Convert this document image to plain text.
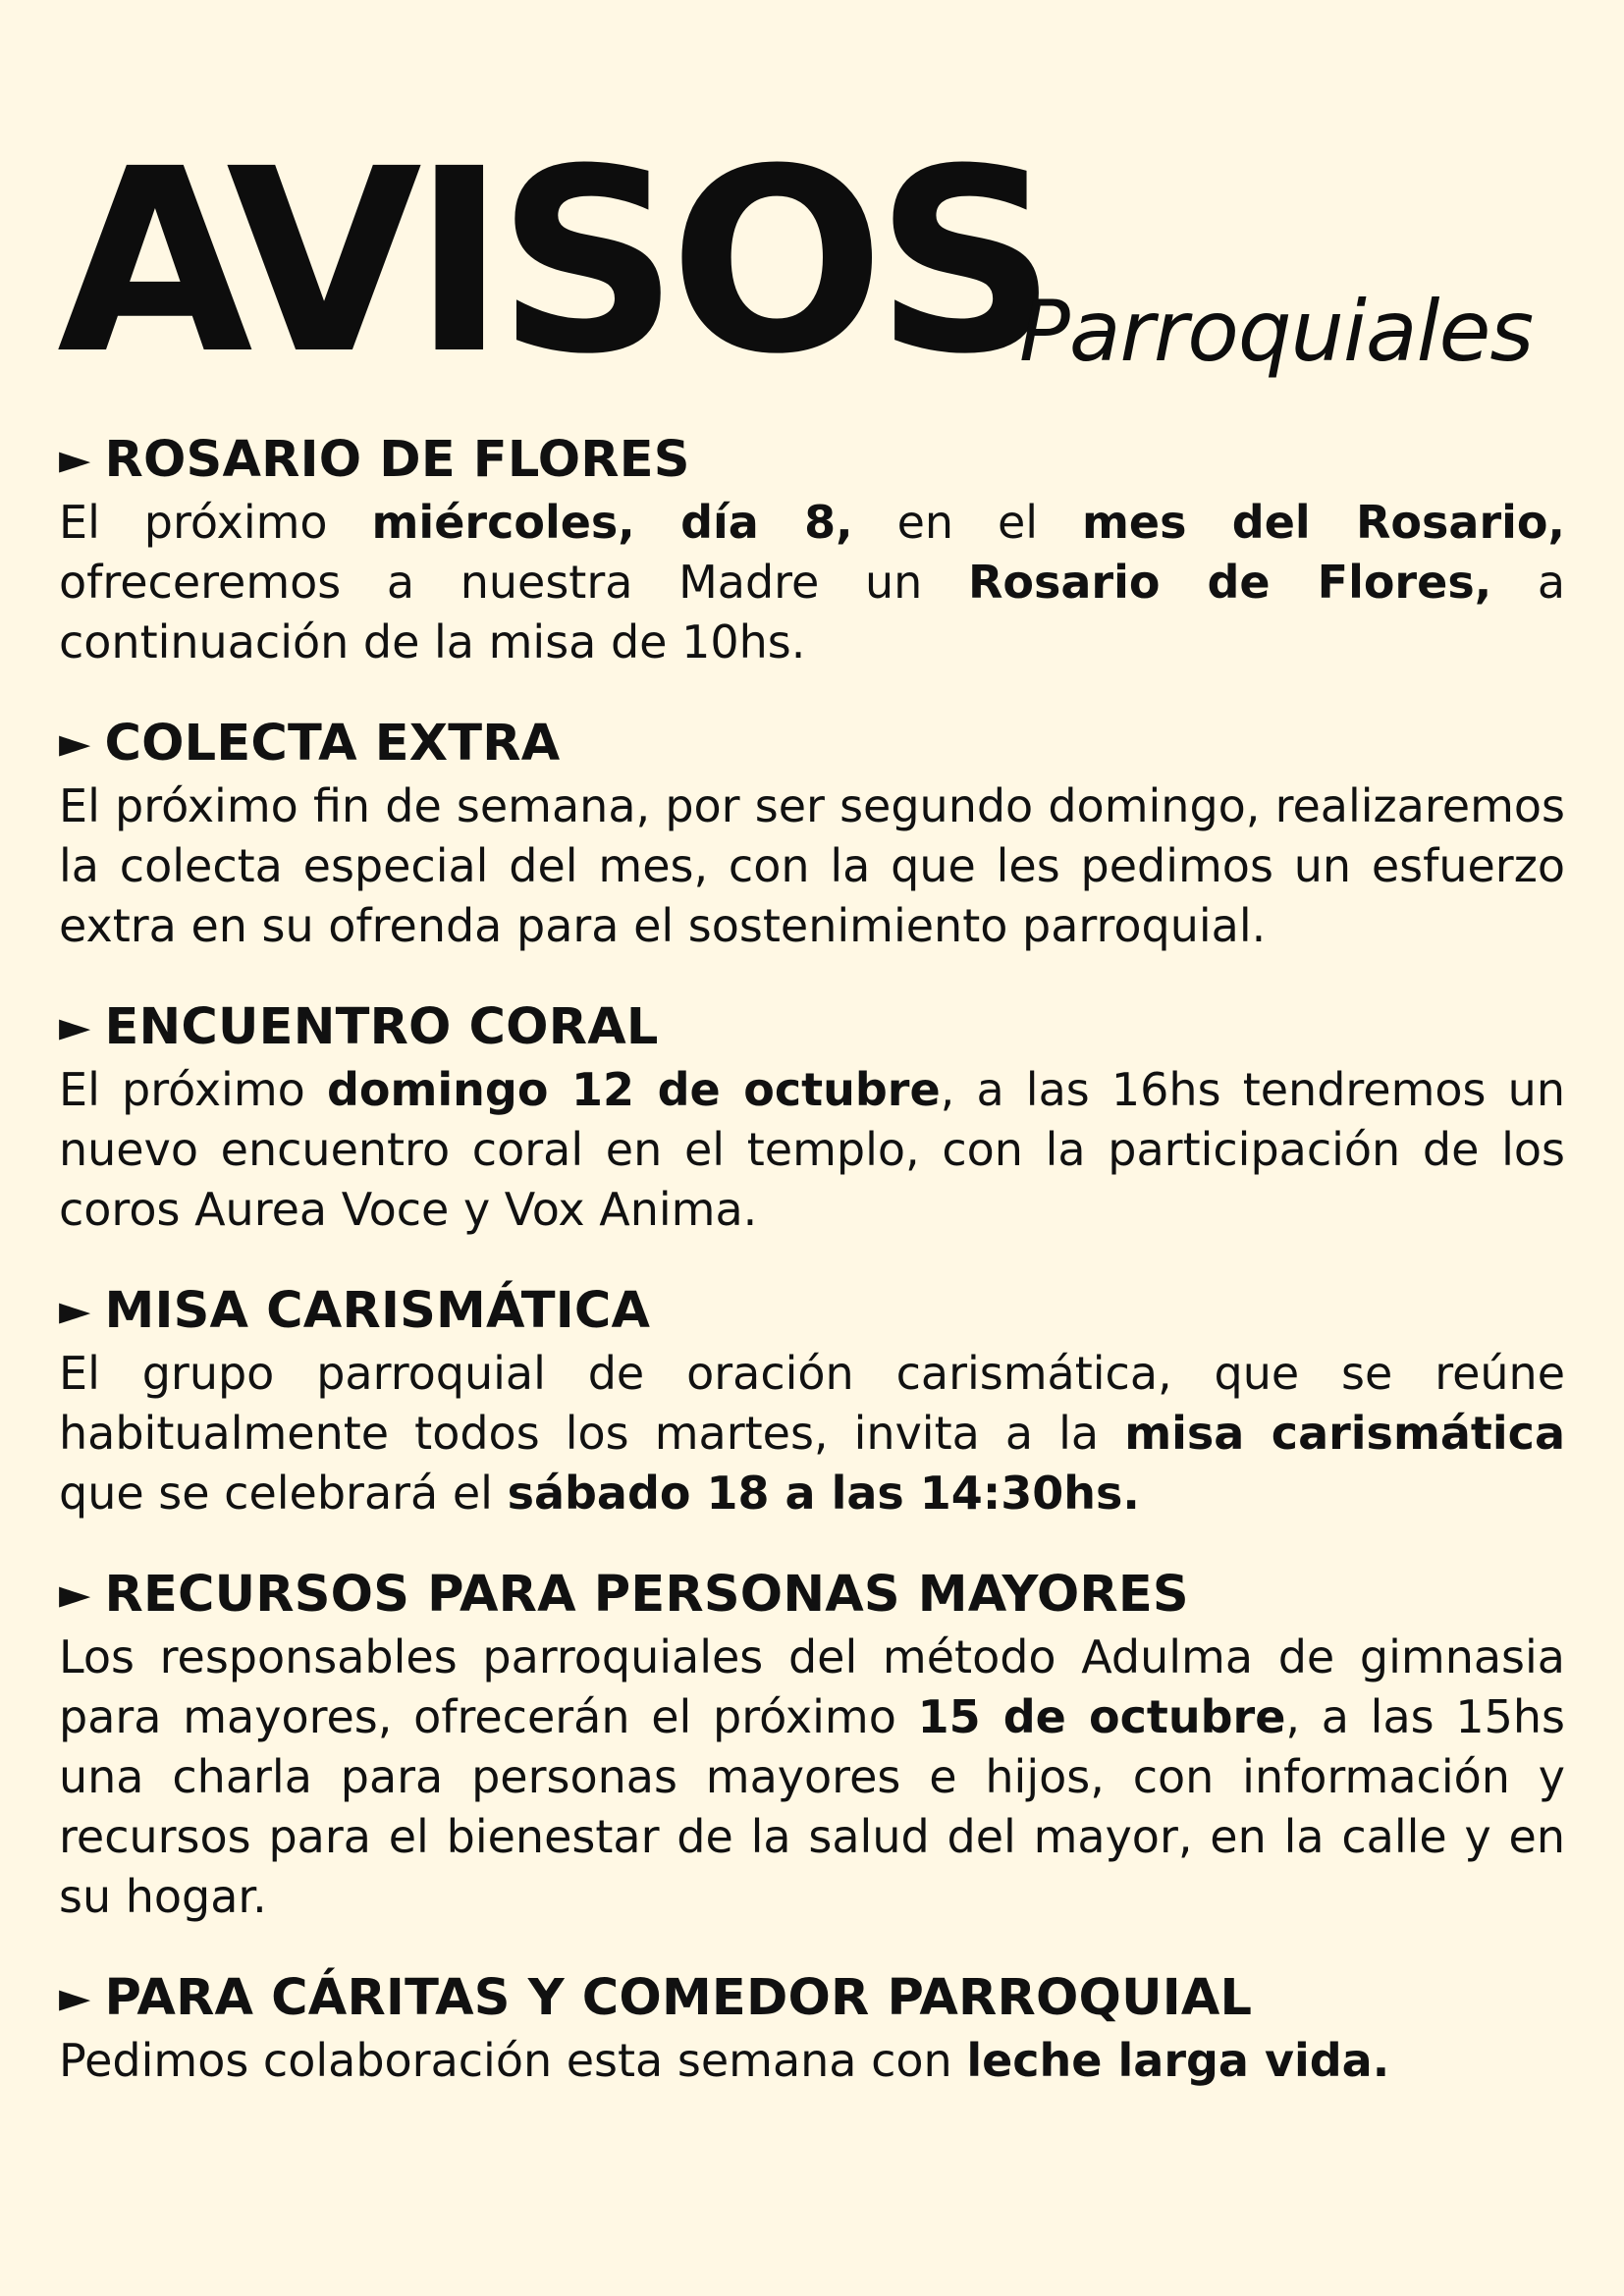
AVISOS
Parroquiales
► ROSARIO DE FLORES

El próximo miércoles, día 8, en el mes del Rosario, ofreceremos a nuestra Madre un Rosario de Flores, a continuación de la misa de 10hs.

► COLECTA EXTRA

El próximo fin de semana, por ser segundo domingo, realizaremos la colecta especial del mes, con la que les pedimos un esfuerzo extra en su ofrenda para el sostenimiento parroquial.

► ENCUENTRO CORAL

El próximo domingo 12 de octubre, a las 16hs tendremos un nuevo encuentro coral en el templo, con la participación de los coros Aurea Voce y Vox Anima.

► MISA CARISMÁTICA

El grupo parroquial de oración carismática, que se reúne habitualmente todos los martes, invita a la misa carismática que se celebrará el sábado 18 a las 14:30hs.

► RECURSOS PARA PERSONAS MAYORES

Los responsables parroquiales del método Adulma de gimnasia para mayores, ofrecerán el próximo 15 de octubre, a las 15hs una charla para personas mayores e hijos, con información y recursos para el bienestar de la salud del mayor, en la calle y en su hogar.

► PARA CÁRITAS Y COMEDOR PARROQUIAL

Pedimos colaboración esta semana con leche larga vida.
